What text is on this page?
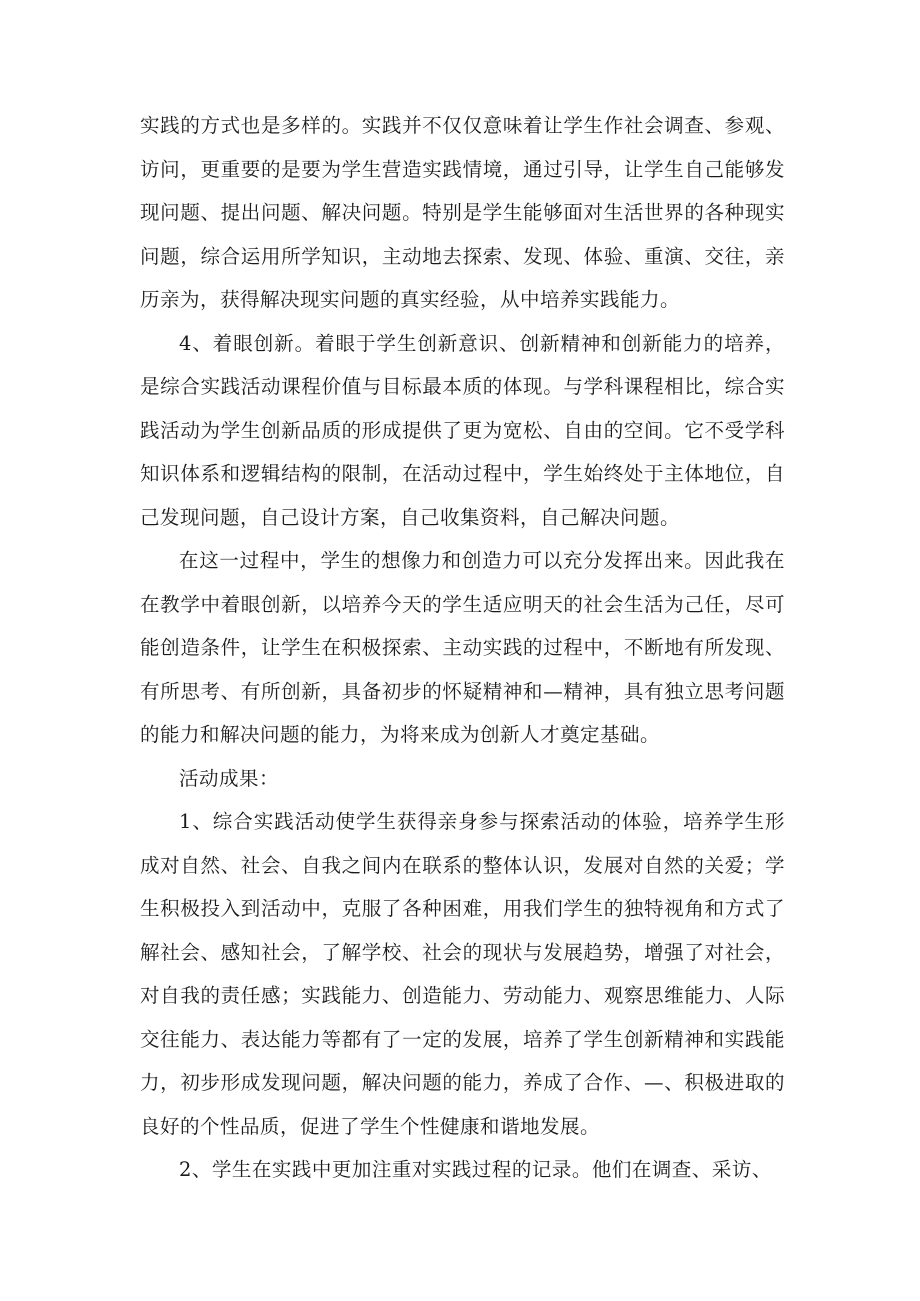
实践的方式也是多样的。实践并不仅仅意味着让学生作社会调查、参观、访问，更重要的是要为学生营造实践情境，通过引导，让学生自己能够发现问题、提出问题、解决问题。特别是学生能够面对生活世界的各种现实问题，综合运用所学知识，主动地去探索、发现、体验、重演、交往，亲历亲为，获得解决现实问题的真实经验，从中培养实践能力。

4、着眼创新。着眼于学生创新意识、创新精神和创新能力的培养，是综合实践活动课程价值与目标最本质的体现。与学科课程相比，综合实践活动为学生创新品质的形成提供了更为宽松、自由的空间。它不受学科知识体系和逻辑结构的限制，在活动过程中，学生始终处于主体地位，自己发现问题，自己设计方案，自己收集资料，自己解决问题。

在这一过程中，学生的想像力和创造力可以充分发挥出来。因此我在在教学中着眼创新，以培养今天的学生适应明天的社会生活为己任，尽可能创造条件，让学生在积极探索、主动实践的过程中，不断地有所发现、有所思考、有所创新，具备初步的怀疑精神和—精神，具有独立思考问题的能力和解决问题的能力，为将来成为创新人才奠定基础。

活动成果：

1、综合实践活动使学生获得亲身参与探索活动的体验，培养学生形成对自然、社会、自我之间内在联系的整体认识，发展对自然的关爱；学生积极投入到活动中，克服了各种困难，用我们学生的独特视角和方式了解社会、感知社会，了解学校、社会的现状与发展趋势，增强了对社会，对自我的责任感；实践能力、创造能力、劳动能力、观察思维能力、人际交往能力、表达能力等都有了一定的发展，培养了学生创新精神和实践能力，初步形成发现问题，解决问题的能力，养成了合作、—、积极进取的良好的个性品质，促进了学生个性健康和谐地发展。

2、学生在实践中更加注重对实践过程的记录。他们在调查、采访、
